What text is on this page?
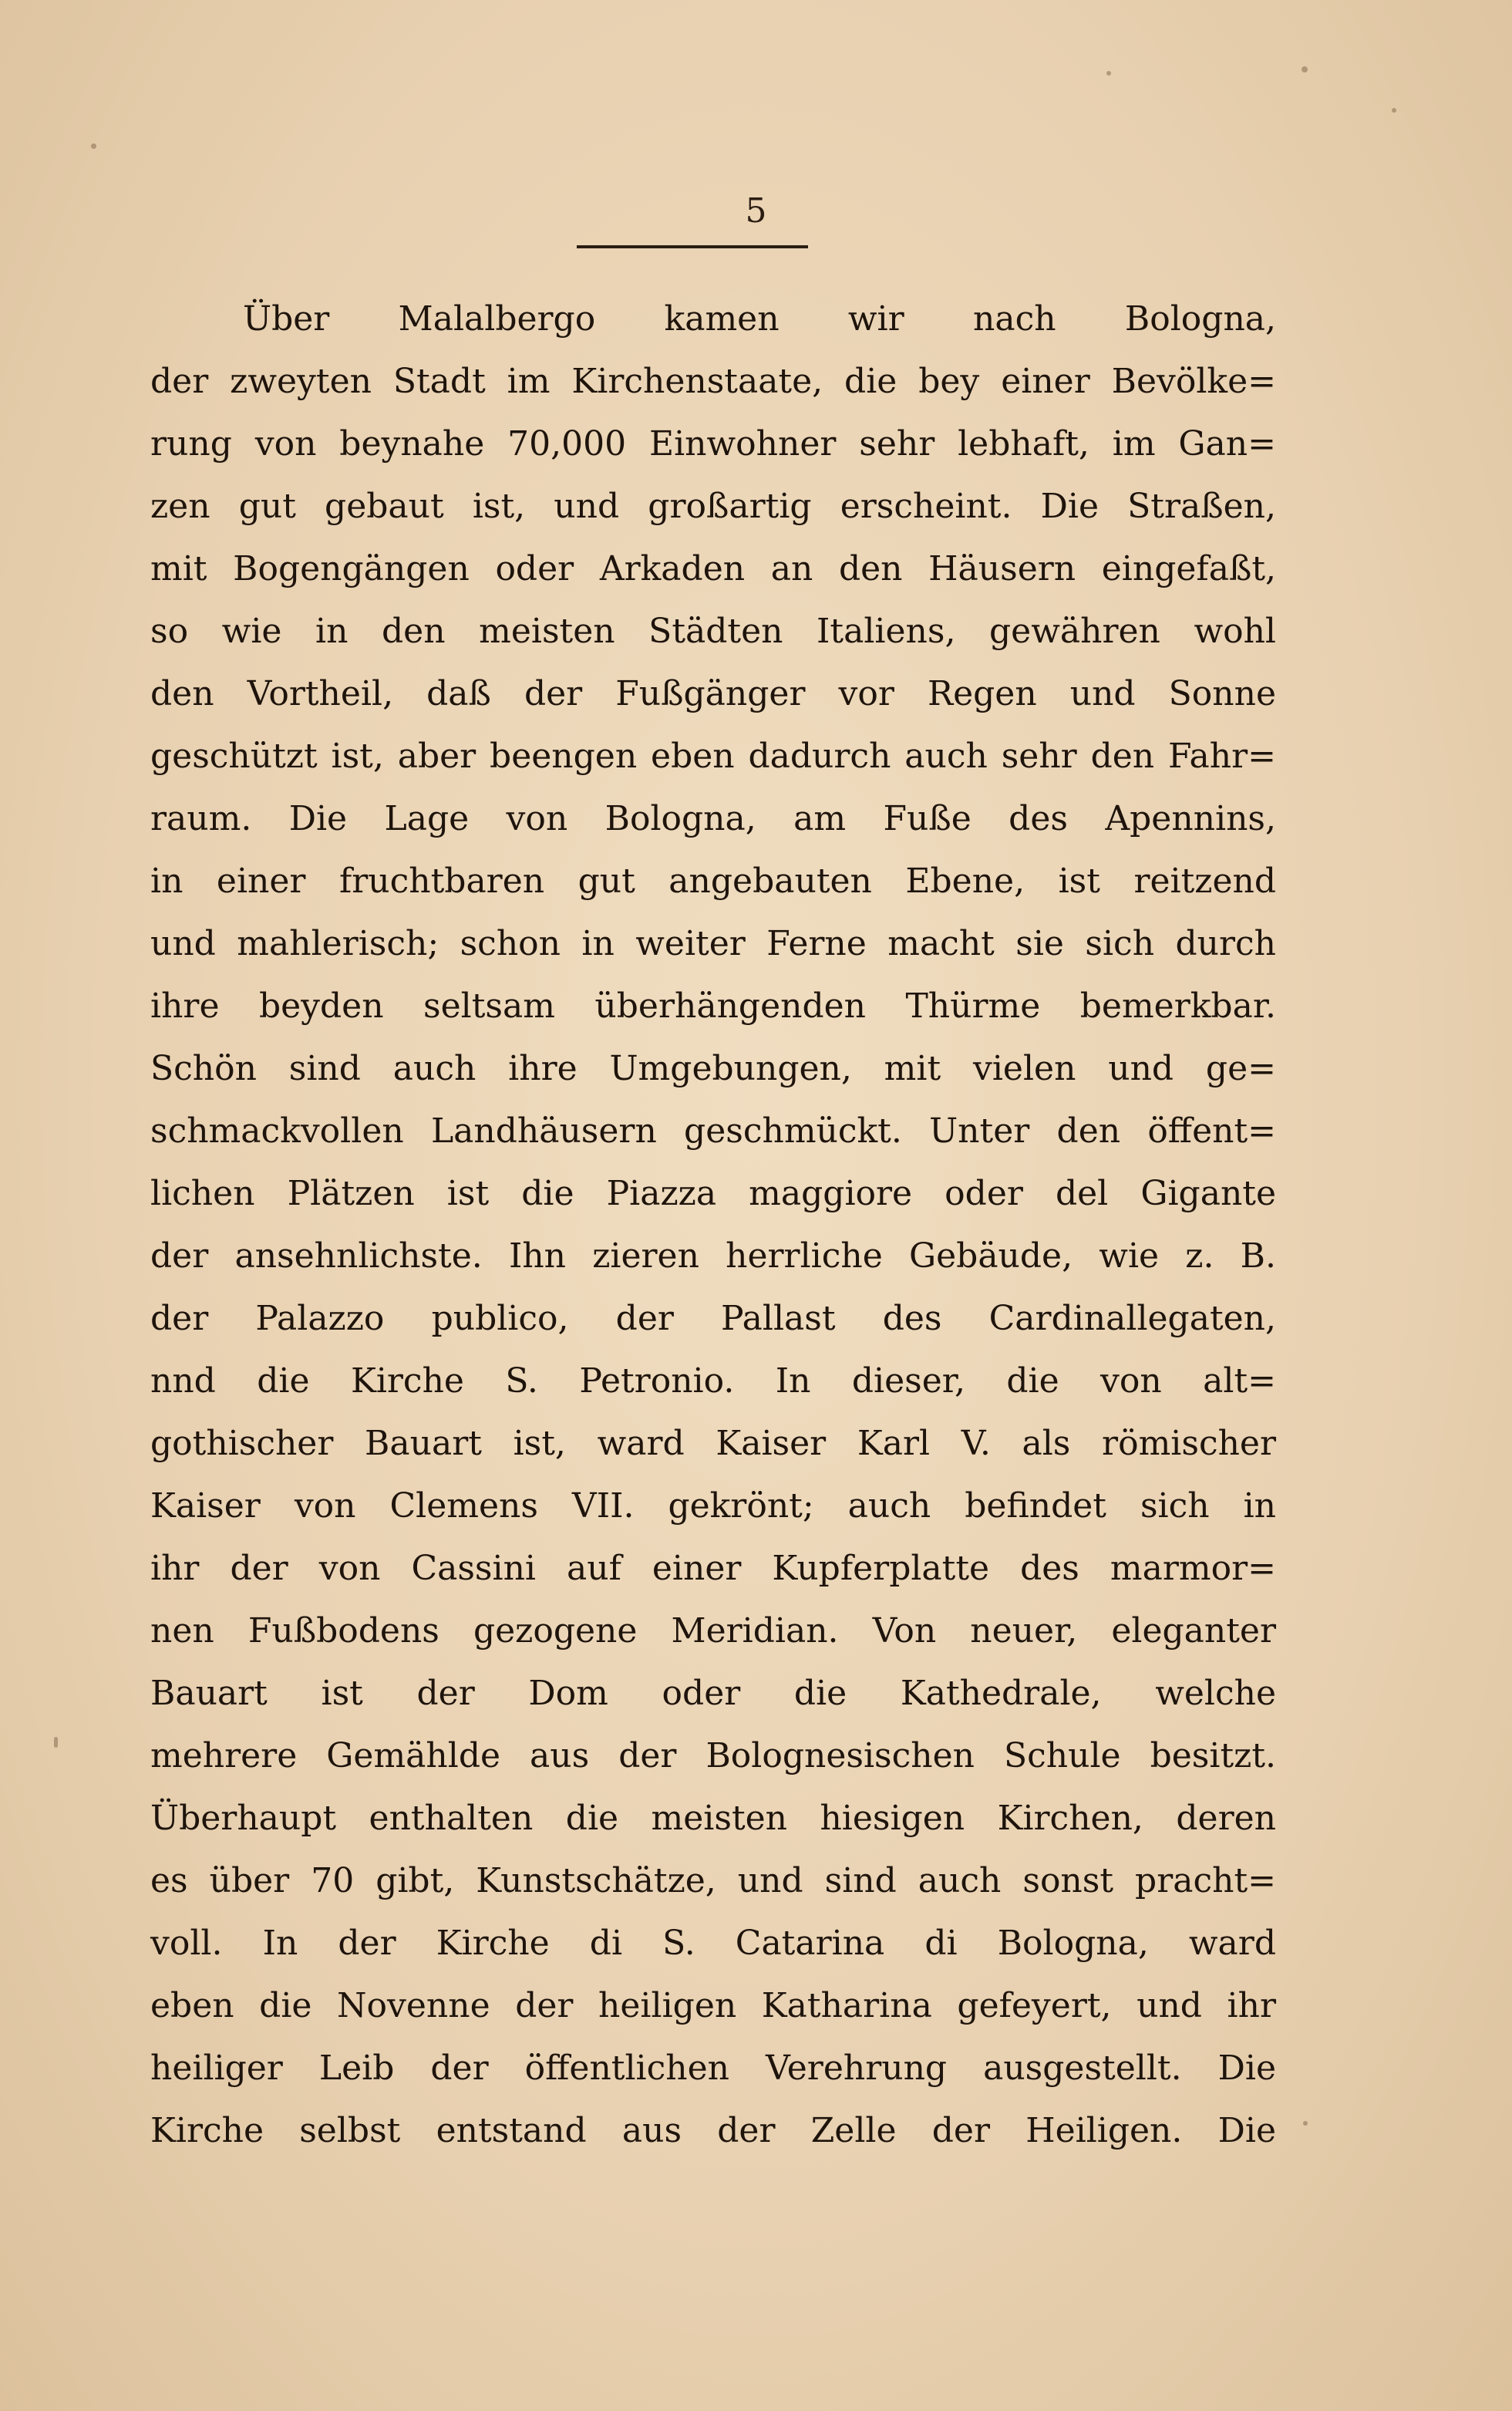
5
Über Malalbergo kamen wir nach Bologna,
der zweyten Stadt im Kirchenstaate, die bey einer Bevölke=
rung von beynahe 70,000 Einwohner sehr lebhaft, im Gan=
zen gut gebaut ist, und großartig erscheint. Die Straßen,
mit Bogengängen oder Arkaden an den Häusern eingefaßt,
so wie in den meisten Städten Italiens, gewähren wohl
den Vortheil, daß der Fußgänger vor Regen und Sonne
geschützt ist, aber beengen eben dadurch auch sehr den Fahr=
raum. Die Lage von Bologna, am Fuße des Apennins,
in einer fruchtbaren gut angebauten Ebene, ist reitzend
und mahlerisch; schon in weiter Ferne macht sie sich durch
ihre beyden seltsam überhängenden Thürme bemerkbar.
Schön sind auch ihre Umgebungen, mit vielen und ge=
schmackvollen Landhäusern geschmückt. Unter den öffent=
lichen Plätzen ist die Piazza maggiore oder del Gigante
der ansehnlichste. Ihn zieren herrliche Gebäude, wie z. B.
der Palazzo publico, der Pallast des Cardinallegaten,
nnd die Kirche S. Petronio. In dieser, die von alt=
gothischer Bauart ist, ward Kaiser Karl V. als römischer
Kaiser von Clemens VII. gekrönt; auch befindet sich in
ihr der von Cassini auf einer Kupferplatte des marmor=
nen Fußbodens gezogene Meridian. Von neuer, eleganter
Bauart ist der Dom oder die Kathedrale, welche
mehrere Gemählde aus der Bolognesischen Schule besitzt.
Überhaupt enthalten die meisten hiesigen Kirchen, deren
es über 70 gibt, Kunstschätze, und sind auch sonst pracht=
voll. In der Kirche di S. Catarina di Bologna, ward
eben die Novenne der heiligen Katharina gefeyert, und ihr
heiliger Leib der öffentlichen Verehrung ausgestellt. Die
Kirche selbst entstand aus der Zelle der Heiligen. Die
